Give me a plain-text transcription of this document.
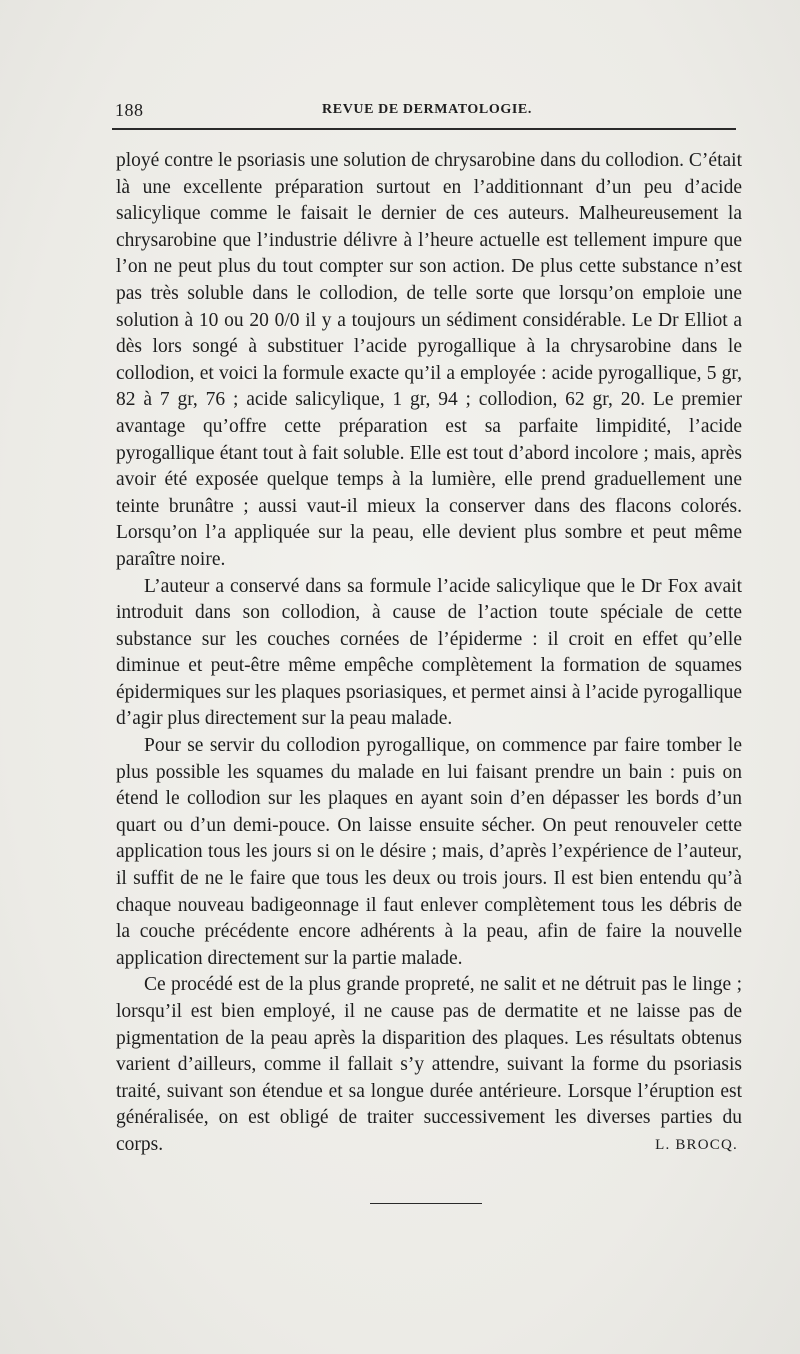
188	REVUE DE DERMATOLOGIE.

ployé contre le psoriasis une solution de chrysarobine dans du collodion. C’était là une excellente préparation surtout en l’additionnant d’un peu d’acide salicylique comme le faisait le dernier de ces auteurs. Malheureusement la chrysarobine que l’industrie délivre à l’heure actuelle est tellement impure que l’on ne peut plus du tout compter sur son action. De plus cette substance n’est pas très soluble dans le collodion, de telle sorte que lorsqu’on emploie une solution à 10 ou 20 0/0 il y a toujours un sédiment considérable. Le Dr Elliot a dès lors songé à substituer l’acide pyrogallique à la chrysarobine dans le collodion, et voici la formule exacte qu’il a employée : acide pyrogallique, 5 gr, 82 à 7 gr, 76 ; acide salicylique, 1 gr, 94 ; collodion, 62 gr, 20. Le premier avantage qu’offre cette préparation est sa parfaite limpidité, l’acide pyrogallique étant tout à fait soluble. Elle est tout d’abord incolore ; mais, après avoir été exposée quelque temps à la lumière, elle prend graduellement une teinte brunâtre ; aussi vaut-il mieux la conserver dans des flacons colorés. Lorsqu’on l’a appliquée sur la peau, elle devient plus sombre et peut même paraître noire.

L’auteur a conservé dans sa formule l’acide salicylique que le Dr Fox avait introduit dans son collodion, à cause de l’action toute spéciale de cette substance sur les couches cornées de l’épiderme : il croit en effet qu’elle diminue et peut-être même empêche complètement la formation de squames épidermiques sur les plaques psoriasiques, et permet ainsi à l’acide pyrogallique d’agir plus directement sur la peau malade.

Pour se servir du collodion pyrogallique, on commence par faire tomber le plus possible les squames du malade en lui faisant prendre un bain : puis on étend le collodion sur les plaques en ayant soin d’en dépasser les bords d’un quart ou d’un demi-pouce. On laisse ensuite sécher. On peut renouveler cette application tous les jours si on le désire ; mais, d’après l’expérience de l’auteur, il suffit de ne le faire que tous les deux ou trois jours. Il est bien entendu qu’à chaque nouveau badigeonnage il faut enlever complètement tous les débris de la couche précédente encore adhérents à la peau, afin de faire la nouvelle application directement sur la partie malade.

Ce procédé est de la plus grande propreté, ne salit et ne détruit pas le linge ; lorsqu’il est bien employé, il ne cause pas de dermatite et ne laisse pas de pigmentation de la peau après la disparition des plaques. Les résultats obtenus varient d’ailleurs, comme il fallait s’y attendre, suivant la forme du psoriasis traité, suivant son étendue et sa longue durée antérieure. Lorsque l’éruption est généralisée, on est obligé de traiter successivement les diverses parties du corps.	L. BROCQ.
